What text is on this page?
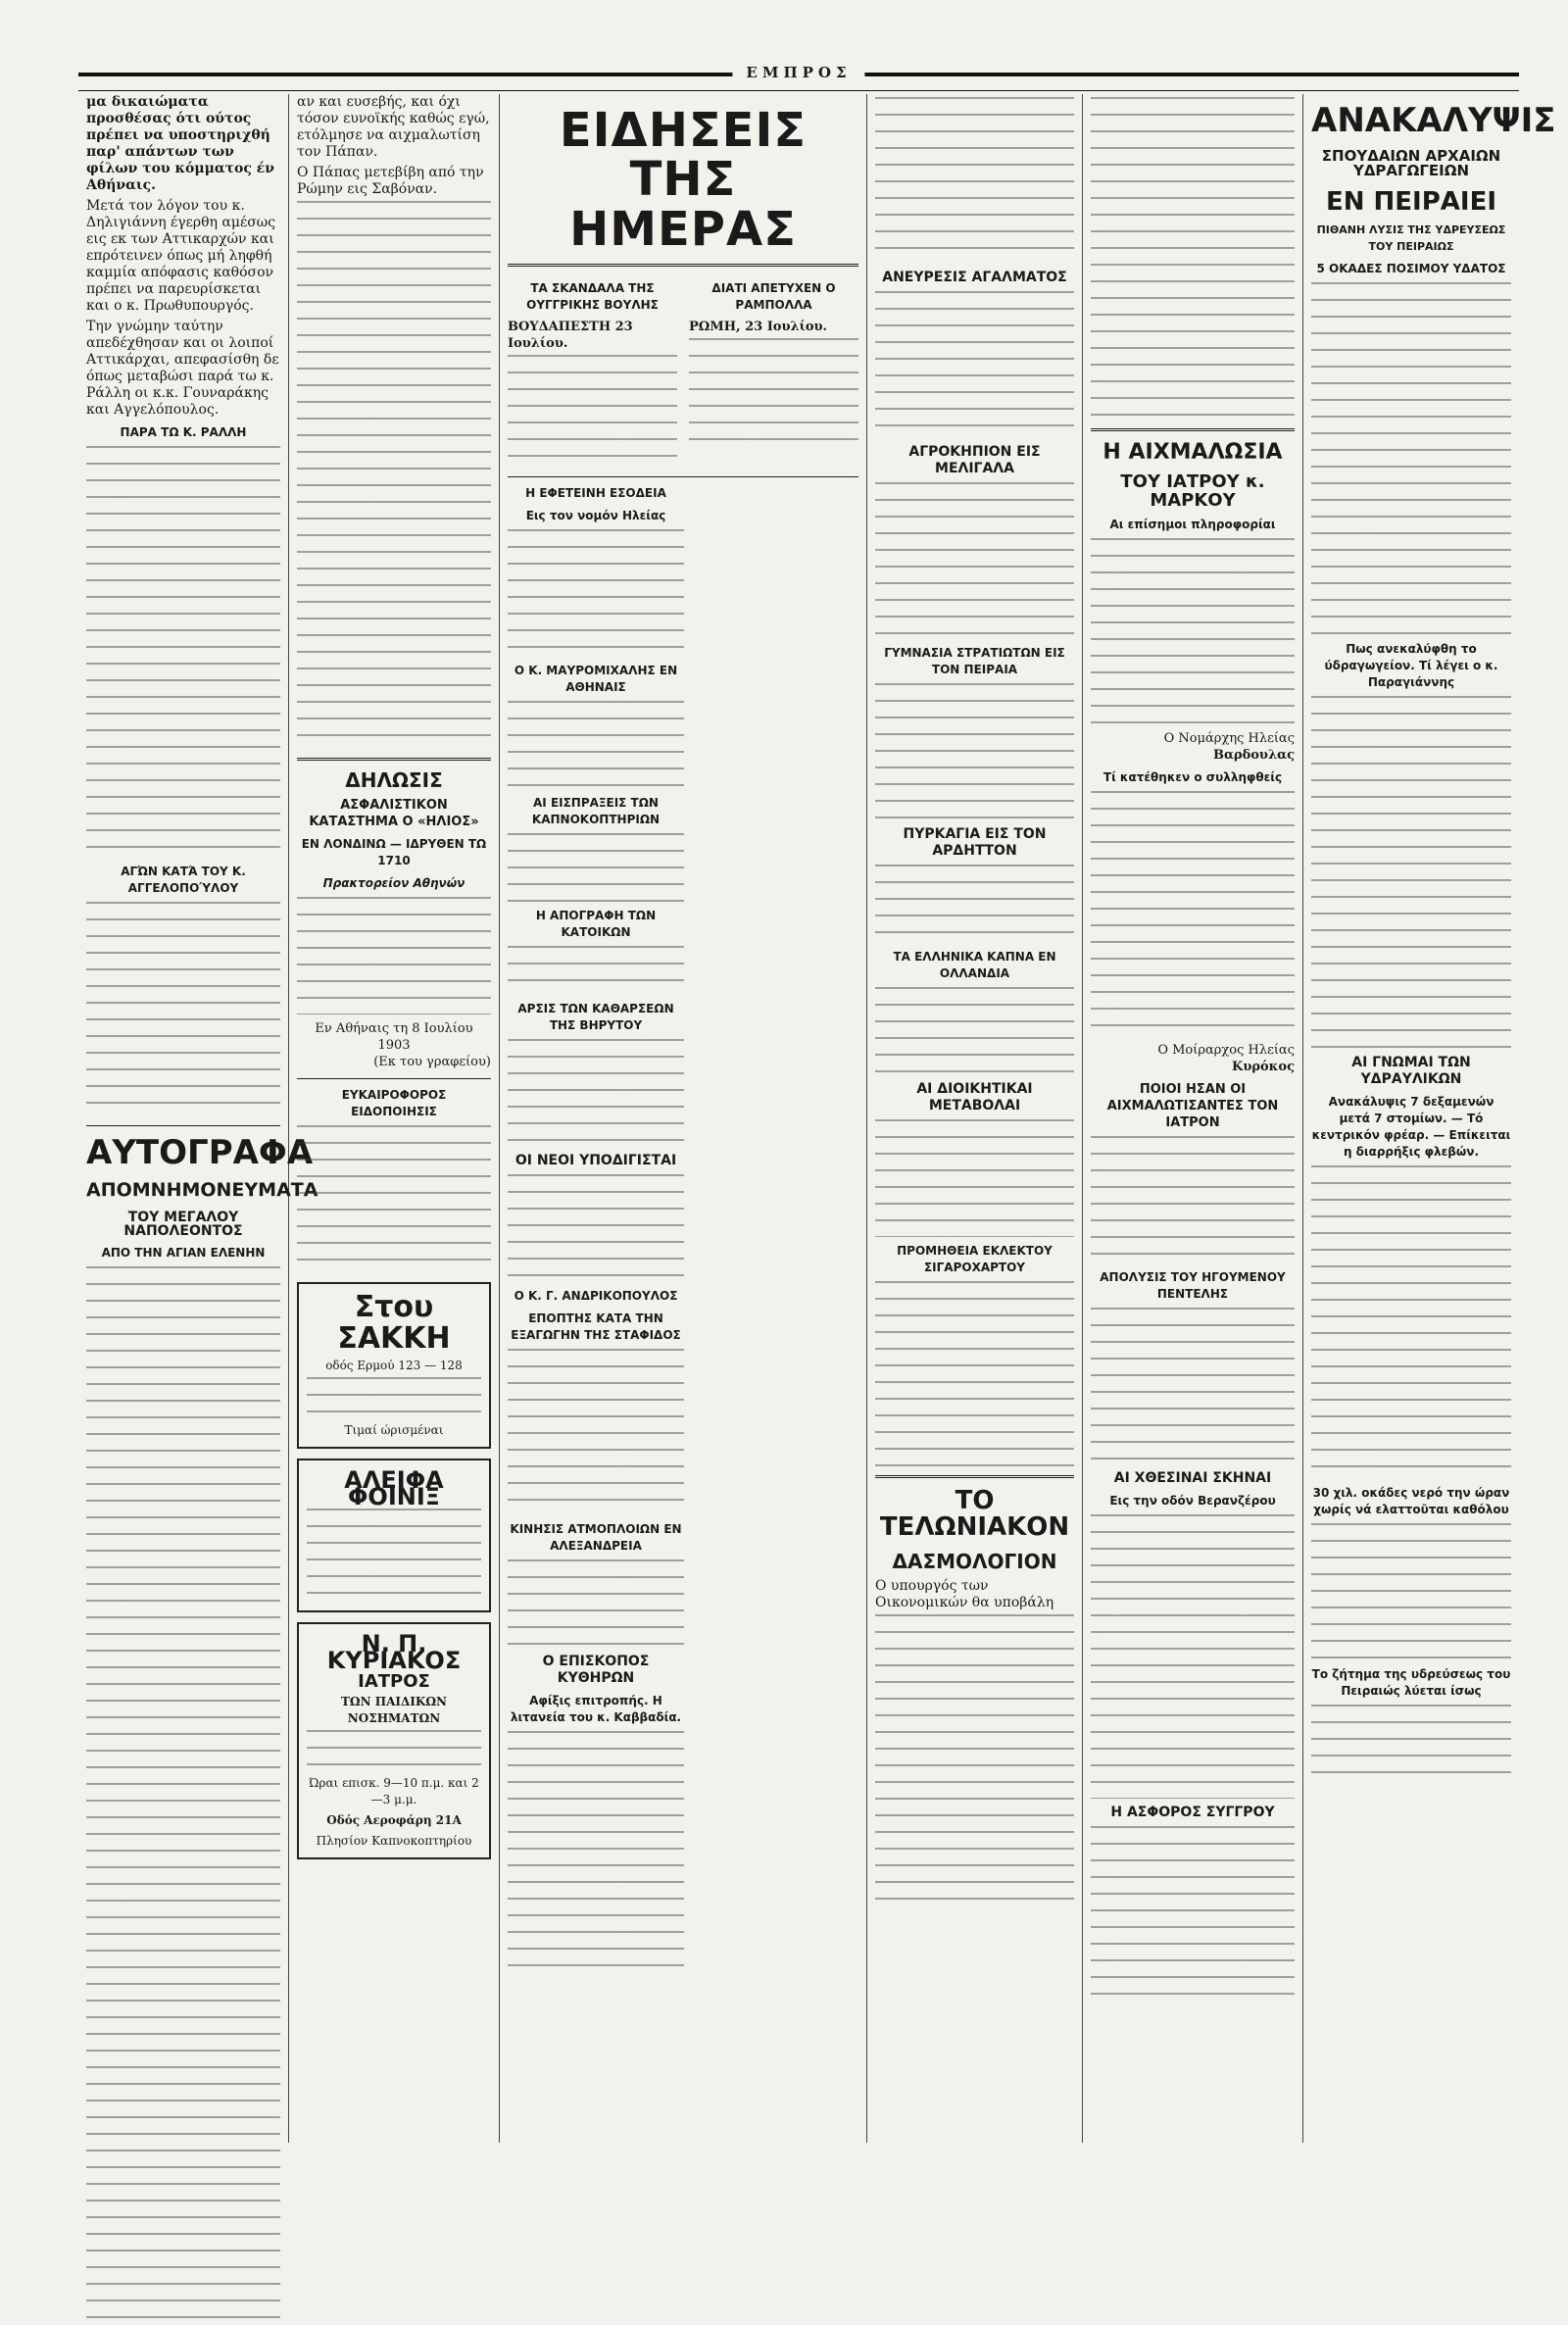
ΕΜΠΡΟΣ
μα δικαιώματα προσθέσας ότι ούτος πρέπει να υποστηριχθή παρ' απάντων των φίλων του κόμματος έν Αθήναις.
Μετά τον λόγον του κ. Δηλιγιάννη έγερθη αμέσως εις εκ των Αττικαρχών και επρότεινεν όπως μή ληφθή καμμία απόφασις καθόσον πρέπει να παρευρίσκεται και ο κ. Πρωθυπουργός.
Την γνώμην ταύτην απεδέχθησαν και οι λοιποί Αττικάρχαι, απεφασίσθη δε όπως μεταβώσι παρά τω κ. Ράλλη οι κ.κ. Γουναράκης και Αγγελόπουλος.
ΠΑΡΑ ΤΩ Κ. ΡΑΛΛΗ
ΑΓΏΝ ΚΑΤΆ ΤΟΥ Κ. ΑΓΓΕΛΟΠΟΎΛΟΥ
ΑΥΤΟΓΡΑΦΑ
ΑΠΟΜΝΗΜΟΝΕΥΜΑΤΑ
ΤΟΥ ΜΕΓΑΛΟΥ ΝΑΠΟΛΕΟΝΤΟΣ
ΑΠΟ ΤΗΝ ΑΓΙΑΝ ΕΛΕΝΗΝ
αν και ευσεβής, και όχι τόσον ευνοϊκής καθώς εγώ, ετόλμησε να αιχμαλωτίση τον Πάπαν.
Ο Πάπας μετεβίβη από την Ρώμην εις Σαβόναν.
ΔΗΛΩΣΙΣ
ΑΣΦΑΛΙΣΤΙΚΟΝ ΚΑΤΑΣΤΗΜΑ Ο «ΗΛΙΟΣ»
ΕΝ ΛΟΝΔΙΝΩ — ΙΔΡΥΘΕΝ ΤΩ 1710
Πρακτορείον Αθηνών
Εν Αθήναις τη 8 Ιουλίου 1903
(Εκ του γραφείου)
ΕΥΚΑΙΡΟΦΟΡΟΣ ΕΙΔΟΠΟΙΗΣΙΣ
Στου ΣΑΚΚΗ
οδός Ερμού 123 — 128
Τιμαί ώρισμέναι
ΑΛΕΙΦΑ ΦΟΙΝΙΞ
Ν. Π. ΚΥΡΙΑΚΟΣ
ΙΑΤΡΟΣ
ΤΩΝ ΠΑΙΔΙΚΩΝ ΝΟΣΗΜΑΤΩΝ
Ώραι επισκ. 9—10 π.μ. και 2—3 μ.μ.
Οδός Αεροφάρη 21Α
Πλησίον Καπνοκοπτηρίου
ΕΙΔΗΣΕΙΣ ΤΗΣ ΗΜΕΡΑΣ
ΤΑ ΣΚΑΝΔΑΛΑ ΤΗΣ ΟΥΓΓΡΙΚΗΣ ΒΟΥΛΗΣ
ΒΟΥΔΑΠΕΣΤΗ 23 Ιουλίου.
ΔΙΑΤΙ ΑΠΕΤΥΧΕΝ Ο ΡΑΜΠΟΛΛΑ
ΡΩΜΗ, 23 Ιουλίου.
Η ΕΦΕΤΕΙΝΗ ΕΣΟΔΕΙΑ
Εις τον νομόν Ηλείας
Ο Κ. ΜΑΥΡΟΜΙΧΑΛΗΣ ΕΝ ΑΘΗΝΑΙΣ
ΑΙ ΕΙΣΠΡΑΞΕΙΣ ΤΩΝ ΚΑΠΝΟΚΟΠΤΗΡΙΩΝ
Η ΑΠΟΓΡΑΦΗ ΤΩΝ ΚΑΤΟΙΚΩΝ
ΑΡΣΙΣ ΤΩΝ ΚΑΘΑΡΣΕΩΝ ΤΗΣ ΒΗΡΥΤΟΥ
ΟΙ ΝΕΟΙ ΥΠΟΔΙΓΙΣΤΑΙ
Ο Κ. Γ. ΑΝΔΡΙΚΟΠΟΥΛΟΣ
ΕΠΟΠΤΗΣ ΚΑΤΑ ΤΗΝ ΕΞΑΓΩΓΗΝ ΤΗΣ ΣΤΑΦΙΔΟΣ
ΚΙΝΗΣΙΣ ΑΤΜΟΠΛΟΙΩΝ ΕΝ ΑΛΕΞΑΝΔΡΕΙΑ
Ο ΕΠΙΣΚΟΠΟΣ ΚΥΘΗΡΩΝ
Αφίξις επιτροπής. Η λιτανεία του κ. Καββαδία.
ΑΝΕΥΡΕΣΙΣ ΑΓΑΛΜΑΤΟΣ
ΑΓΡΟΚΗΠΙΟΝ ΕΙΣ ΜΕΛΙΓΑΛΑ
ΓΥΜΝΑΣΙΑ ΣΤΡΑΤΙΩΤΩΝ ΕΙΣ ΤΟΝ ΠΕΙΡΑΙΑ
ΠΥΡΚΑΓΙΑ ΕΙΣ ΤΟΝ ΑΡΔΗΤΤΟΝ
ΤΑ ΕΛΛΗΝΙΚΑ ΚΑΠΝΑ ΕΝ ΟΛΛΑΝΔΙΑ
ΑΙ ΔΙΟΙΚΗΤΙΚΑΙ ΜΕΤΑΒΟΛΑΙ
ΠΡΟΜΗΘΕΙΑ ΕΚΛΕΚΤΟΥ ΣΙΓΑΡΟΧΑΡΤΟΥ
ΤΟ ΤΕΛΩΝΙΑΚΟΝ
ΔΑΣΜΟΛΟΓΙΟΝ
Ο υπουργός των Οικονομικών θα υποβάλη
Η ΑΙΧΜΑΛΩΣΙΑ
ΤΟΥ ΙΑΤΡΟΥ κ. ΜΑΡΚΟΥ
Αι επίσημοι πληροφορίαι
Ο Νομάρχης Ηλείας
Βαρδουλας
Τί κατέθηκεν ο συλληφθείς
Ο Μοίραρχος Ηλείας
Κυρόκος
ΠΟΙΟΙ ΗΣΑΝ ΟΙ ΑΙΧΜΑΛΩΤΙΣΑΝΤΕΣ ΤΟΝ ΙΑΤΡΟΝ
ΑΠΟΛΥΣΙΣ ΤΟΥ ΗΓΟΥΜΕΝΟΥ ΠΕΝΤΕΛΗΣ
ΑΙ ΧΘΕΣΙΝΑΙ ΣΚΗΝΑΙ
Εις την οδόν Βερανζέρου
Η ΑΣΦΟΡΟΣ ΣΥΓΓΡΟΥ
ΑΝΑΚΑΛΥΨΙΣ
ΣΠΟΥΔΑΙΩΝ ΑΡΧΑΙΩΝ ΥΔΡΑΓΩΓΕΙΩΝ
ΕΝ ΠΕΙΡΑΙΕΙ
ΠΙΘΑΝΗ ΛΥΣΙΣ ΤΗΣ ΥΔΡΕΥΣΕΩΣ ΤΟΥ ΠΕΙΡΑΙΩΣ
5 ΟΚΑΔΕΣ ΠΟΣΙΜΟΥ ΥΔΑΤΟΣ
Πως ανεκαλύφθη το ύδραγωγείον. Τί λέγει ο κ. Παραγιάννης
ΑΙ ΓΝΩΜΑΙ ΤΩΝ ΥΔΡΑΥΛΙΚΩΝ
Ανακάλυψις 7 δεξαμενών μετά 7 στομίων. — Τό κεντρικόν φρέαρ. — Επίκειται η διαρρήξις φλεβών.
30 χιλ. οκάδες νερό την ώραν χωρίς νά ελαττοῦται καθόλου
Το ζήτημα της υδρεύσεως του Πειραιώς λύεται ίσως
